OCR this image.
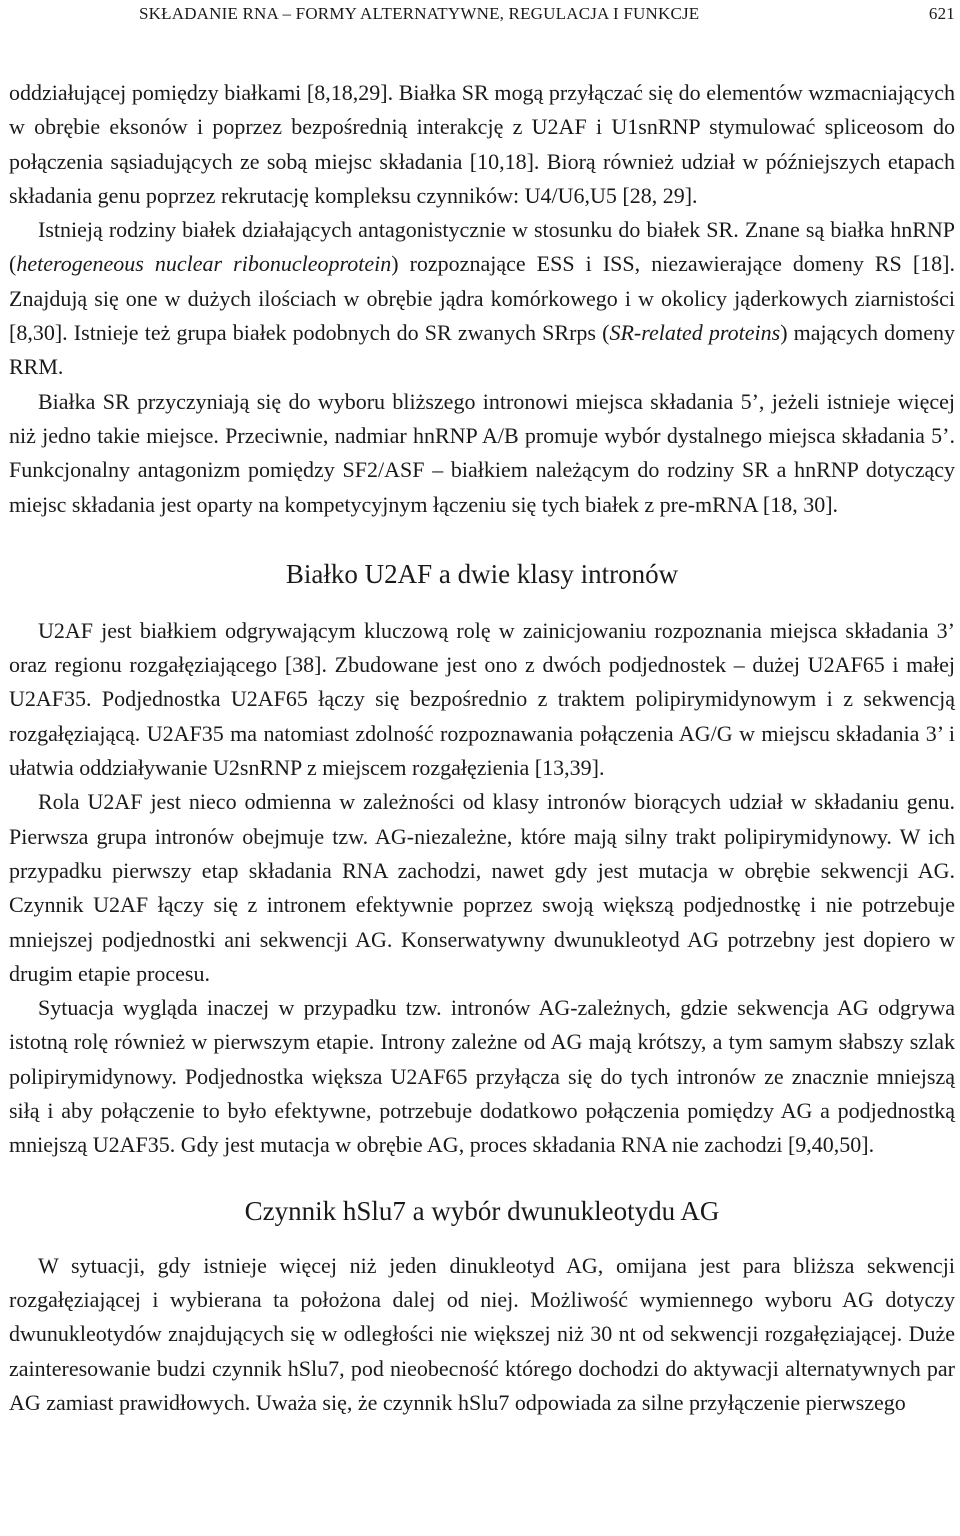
SKŁADANIE RNA – FORMY ALTERNATYWNE, REGULACJA I FUNKCJE	621

oddziałującej pomiędzy białkami [8,18,29]. Białka SR mogą przyłączać się do elementów wzmacniających w obrębie eksonów i poprzez bezpośrednią interakcję z U2AF i U1snRNP stymulować spliceosom do połączenia sąsiadujących ze sobą miejsc składania [10,18]. Biorą również udział w późniejszych etapach składania genu poprzez rekrutację kompleksu czynników: U4/U6,U5 [28, 29].

Istnieją rodziny białek działających antagonistycznie w stosunku do białek SR. Znane są białka hnRNP (heterogeneous nuclear ribonucleoprotein) rozpoznające ESS i ISS, niezawierające domeny RS [18]. Znajdują się one w dużych ilościach w obrębie jądra komórkowego i w okolicy jąderkowych ziarnistości [8,30]. Istnieje też grupa białek podobnych do SR zwanych SRrps (SR-related proteins) mających domeny RRM.

Białka SR przyczyniają się do wyboru bliższego intronowi miejsca składania 5’, jeżeli istnieje więcej niż jedno takie miejsce. Przeciwnie, nadmiar hnRNP A/B promuje wybór dystalnego miejsca składania 5’. Funkcjonalny antagonizm pomiędzy SF2/ASF – białkiem należącym do rodziny SR a hnRNP dotyczący miejsc składania jest oparty na kompetycyjnym łączeniu się tych białek z pre-mRNA [18, 30].

Białko U2AF a dwie klasy intronów

U2AF jest białkiem odgrywającym kluczową rolę w zainicjowaniu rozpoznania miejsca składania 3’ oraz regionu rozgałęziającego [38]. Zbudowane jest ono z dwóch podjednostek – dużej U2AF65 i małej U2AF35. Podjednostka U2AF65 łączy się bezpośrednio z traktem polipirymidynowym i z sekwencją rozgałęziającą. U2AF35 ma natomiast zdolność rozpoznawania połączenia AG/G w miejscu składania 3’ i ułatwia oddziaływanie U2snRNP z miejscem rozgałęzienia [13,39].

Rola U2AF jest nieco odmienna w zależności od klasy intronów biorących udział w składaniu genu. Pierwsza grupa intronów obejmuje tzw. AG-niezależne, które mają silny trakt polipirymidynowy. W ich przypadku pierwszy etap składania RNA zachodzi, nawet gdy jest mutacja w obrębie sekwencji AG. Czynnik U2AF łączy się z intronem efektywnie poprzez swoją większą podjednostkę i nie potrzebuje mniejszej podjednostki ani sekwencji AG. Konserwatywny dwunukleotyd AG potrzebny jest dopiero w drugim etapie procesu.

Sytuacja wygląda inaczej w przypadku tzw. intronów AG-zależnych, gdzie sekwencja AG odgrywa istotną rolę również w pierwszym etapie. Introny zależne od AG mają krótszy, a tym samym słabszy szlak polipirymidynowy. Podjednostka większa U2AF65 przyłącza się do tych intronów ze znacznie mniejszą siłą i aby połączenie to było efektywne, potrzebuje dodatkowo połączenia pomiędzy AG a podjednostką mniejszą U2AF35. Gdy jest mutacja w obrębie AG, proces składania RNA nie zachodzi [9,40,50].

Czynnik hSlu7 a wybór dwunukleotydu AG

W sytuacji, gdy istnieje więcej niż jeden dinukleotyd AG, omijana jest para bliższa sekwencji rozgałęziającej i wybierana ta położona dalej od niej. Możliwość wymiennego wyboru AG dotyczy dwunukleotydów znajdujących się w odległości nie większej niż 30 nt od sekwencji rozgałęziającej. Duże zainteresowanie budzi czynnik hSlu7, pod nieobecność którego dochodzi do aktywacji alternatywnych par AG zamiast prawidłowych. Uważa się, że czynnik hSlu7 odpowiada za silne przyłączenie pierwszego
